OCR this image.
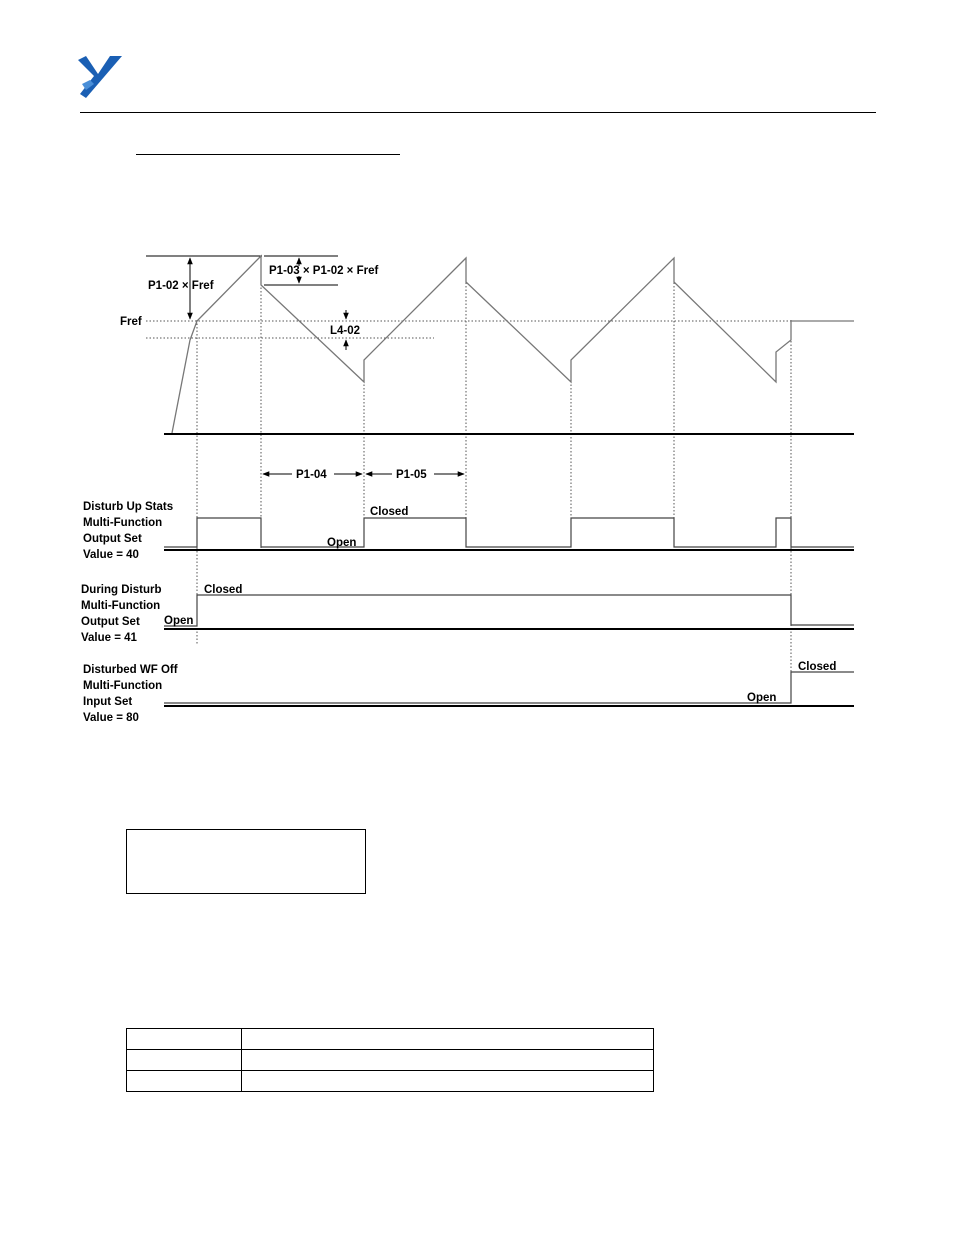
P1-02 × Fref
P1-03 × P1-02 × Fref
Fref
L4-02
P1-04	P1-05
Disturb Up Stats
Multi-Function
Output Set
Value = 40
Open
Closed
During Disturb
Multi-Function
Output Set
Value = 41
Open
Closed
Disturbed WF Off
Multi-Function
Input Set
Value = 80
Open
Closed
